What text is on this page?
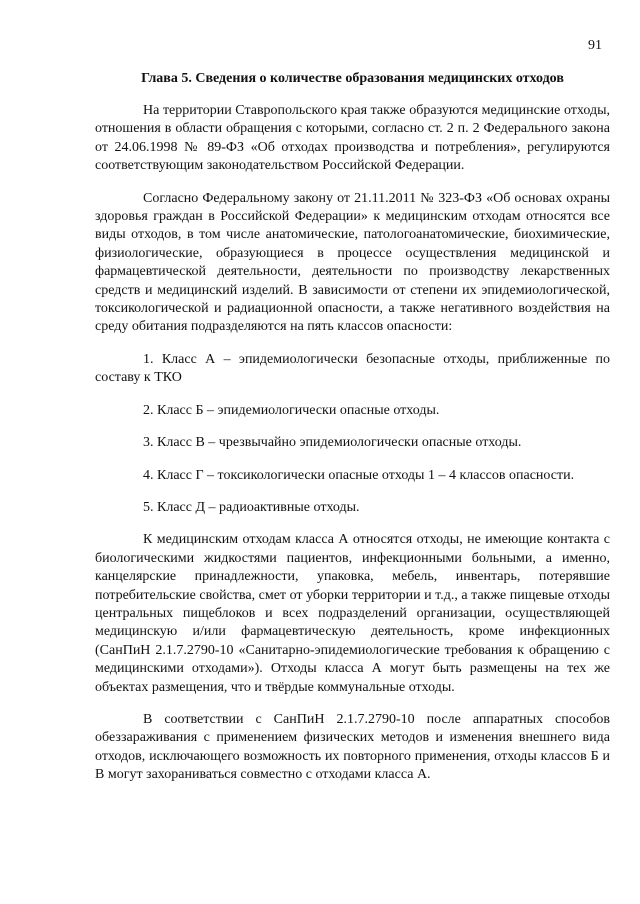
91
Глава 5. Сведения о количестве образования медицинских отходов

На территории Ставропольского края также образуются медицинские отходы, отношения в области обращения с которыми, согласно ст. 2 п. 2 Федерального закона от 24.06.1998 № 89-ФЗ «Об отходах производства и потребления», регулируются соответствующим законодательством Российской Федерации.

Согласно Федеральному закону от 21.11.2011 № 323-ФЗ «Об основах охраны здоровья граждан в Российской Федерации» к медицинским отходам относятся все виды отходов, в том числе анатомические, патологоанатомические, биохимические, физиологические, образующиеся в процессе осуществления медицинской и фармацевтической деятельности, деятельности по производству лекарственных средств и медицинский изделий. В зависимости от степени их эпидемиологической, токсикологической и радиационной опасности, а также негативного воздействия на среду обитания подразделяются на пять классов опасности:

1. Класс А – эпидемиологически безопасные отходы, приближенные по составу к ТКО

2. Класс Б – эпидемиологически опасные отходы.

3. Класс В – чрезвычайно эпидемиологически опасные отходы.

4. Класс Г – токсикологически опасные отходы 1 – 4 классов опасности.

5. Класс Д – радиоактивные отходы.

К медицинским отходам класса А относятся отходы, не имеющие контакта с биологическими жидкостями пациентов, инфекционными больными, а именно, канцелярские принадлежности, упаковка, мебель, инвентарь, потерявшие потребительские свойства, смет от уборки территории и т.д., а также пищевые отходы центральных пищеблоков и всех подразделений организации, осуществляющей медицинскую и/или фармацевтическую деятельность, кроме инфекционных (СанПиН 2.1.7.2790-10 «Санитарно-эпидемиологические требования к обращению с медицинскими отходами»). Отходы класса А могут быть размещены на тех же объектах размещения, что и твёрдые коммунальные отходы.

В соответствии с СанПиН 2.1.7.2790-10 после аппаратных способов обеззараживания с применением физических методов и изменения внешнего вида отходов, исключающего возможность их повторного применения, отходы классов Б и В могут захораниваться совместно с отходами класса А.
